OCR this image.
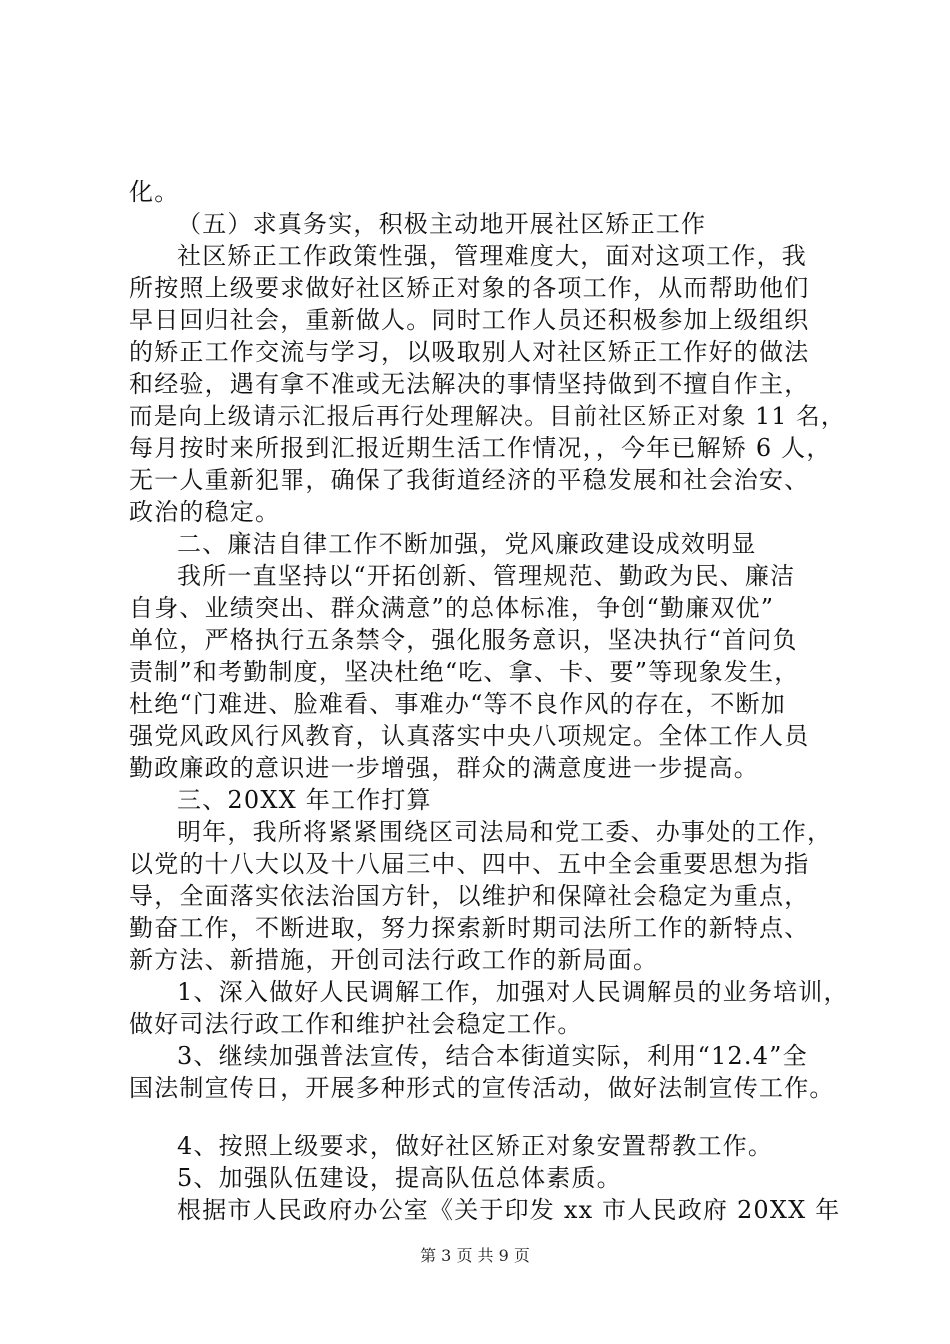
化。
（五）求真务实，积极主动地开展社区矫正工作
社区矫正工作政策性强，管理难度大，面对这项工作，我
所按照上级要求做好社区矫正对象的各项工作，从而帮助他们
早日回归社会，重新做人。同时工作人员还积极参加上级组织
的矫正工作交流与学习，以吸取别人对社区矫正工作好的做法
和经验，遇有拿不准或无法解决的事情坚持做到不擅自作主，
而是向上级请示汇报后再行处理解决。目前社区矫正对象 11 名，
每月按时来所报到汇报近期生活工作情况，，今年已解矫 6 人，
无一人重新犯罪，确保了我街道经济的平稳发展和社会治安、
政治的稳定。
二、廉洁自律工作不断加强，党风廉政建设成效明显
我所一直坚持以“开拓创新、管理规范、勤政为民、廉洁
自身、业绩突出、群众满意”的总体标准，争创“勤廉双优”
单位，严格执行五条禁令，强化服务意识，坚决执行“首问负
责制”和考勤制度，坚决杜绝“吃、拿、卡、要”等现象发生，
杜绝“门难进、脸难看、事难办“等不良作风的存在，不断加
强党风政风行风教育，认真落实中央八项规定。全体工作人员
勤政廉政的意识进一步增强，群众的满意度进一步提高。
三、20XX 年工作打算
明年，我所将紧紧围绕区司法局和党工委、办事处的工作，
以党的十八大以及十八届三中、四中、五中全会重要思想为指
导，全面落实依法治国方针，以维护和保障社会稳定为重点，
勤奋工作，不断进取，努力探索新时期司法所工作的新特点、
新方法、新措施，开创司法行政工作的新局面。
1、深入做好人民调解工作，加强对人民调解员的业务培训，
做好司法行政工作和维护社会稳定工作。
3、继续加强普法宣传，结合本街道实际，利用“12.4”全
国法制宣传日，开展多种形式的宣传活动，做好法制宣传工作。
4、按照上级要求，做好社区矫正对象安置帮教工作。
5、加强队伍建设，提高队伍总体素质。
根据市人民政府办公室《关于印发 xx 市人民政府 20XX 年
第 3 页 共 9 页
